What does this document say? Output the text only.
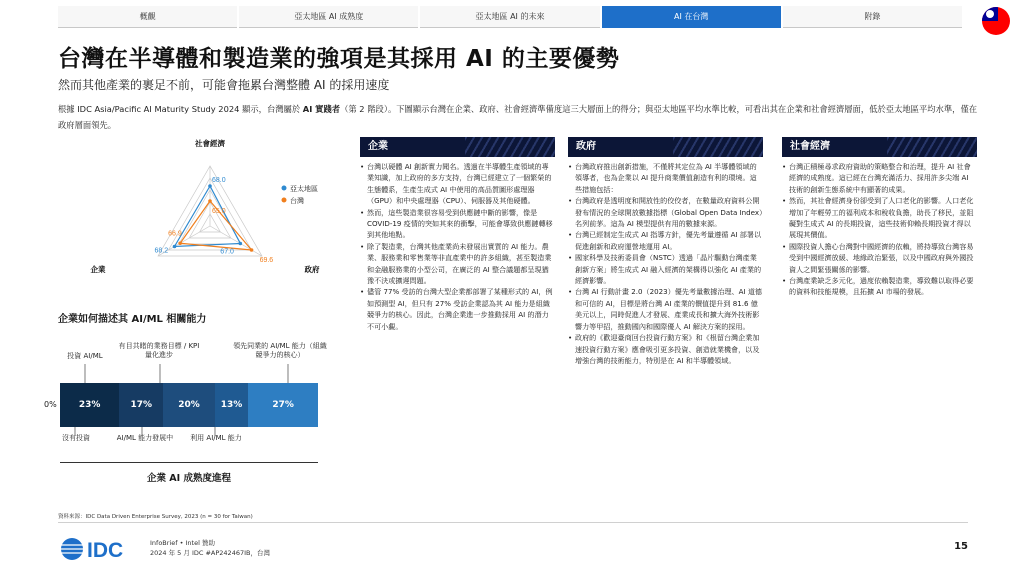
概觀	亞太地區 AI 成熟度	亞太地區 AI 的未來	AI 在台灣	附錄
台灣在半導體和製造業的強項是其採用 AI 的主要優勢
然而其他產業的裹足不前，可能會拖累台灣整體 AI 的採用速度
根據 IDC Asia/Pacific AI Maturity Study 2024 顯示，台灣屬於 AI 實踐者（第 2 階段）。下圖顯示台灣在企業、政府、社會經濟準備度這三大層面上的得分；與亞太地區平均水準比較，可看出其在企業和社會經濟層面，低於亞太地區平均水準，僅在政府層面領先。
68.0
68.2	67.0
65.0
66.9
69.6
社會經濟
企業	政府
亞太地區
台灣
企業如何描述其 AI/ML 相關能力
投資 AI/ML
有目共睹的業務目標 / KPI 量化進步
領先同業的 AI/ML 能力（組織競爭力的核心）
0%	23%	17%	20%	13%	27%
沒有投資	AI/ML 能力發展中	利用 AI/ML 能力
企業 AI 成熟度進程
企業
• 台灣以硬體 AI 創新實力聞名。透過在半導體生產領域的專業知識，加上政府的多方支持，台灣已經建立了一個繁榮的生態體系，生產生成式 AI 中使用的高品質圖形處理器（GPU）和中央處理器（CPU）、伺服器及其他硬體。
• 然而，這些製造業很容易受到供應鏈中斷的影響，像是 COVID-19 疫情的突如其來的衝擊，可能會導致供應鏈轉移到其他地點。
• 除了製造業，台灣其他產業尚未發展出實質的 AI 能力。農業、服務業和零售業等非直產業中的許多組織，甚至製造業和金融服務業的小型公司，在廣泛的 AI 整合議題都呈現猶豫不決或擴遲問題。
• 儘管 77% 受訪的台灣大型企業都部署了某種形式的 AI，例如預測型 AI，但只有 27% 受訪企業認為其 AI 能力是組織競爭力的核心。因此，台灣企業進一步推動採用 AI 的潛力不可小覷。
政府
• 台灣政府推出創新措施，不僅將其定位為 AI 半導體領域的領導者，也為企業以 AI 提升商業價值創造有利的環境。這些措施包括：
• 台灣政府是透明度和開放性的佼佼者，在數量政府資料公開發布情況的全球開放數據指標（Global Open Data Index）名列前茅。這為 AI 模型提供有用的數據來源。
• 台灣已經制定生成式 AI 指導方針，優先考量遵循 AI 部署以促進創新和政府運營地運用 AI。
• 國家科學及技術委員會（NSTC）透過「晶片驅動台灣產業創新方案」將生成式 AI 融入經濟的架構得以強化 AI 產業的經濟影響。
• 台灣 AI 行動計畫 2.0（2023）優先考量數據治理、AI 道德和可信的 AI，目標是將台灣 AI 產業的價值提升到 81.6 億美元以上，同時促進人才發展、產業成長和擴大海外技術影響力等甲招，推動國內和國際優人 AI 解決方案的採用。
• 政府的《歡迎臺商回台投資行動方案》和《根留台灣企業加速投資行動方案》應會吸引更多投資、創造就業機會，以及增強台灣的技術能力，特別是在 AI 和半導體領域。
社會經濟
• 台灣正積極尋求政府資助的策略整合和治理，提升 AI 社會經濟的成熟度。這已經在台灣充滿活力、採用許多尖端 AI 技術的創新生態系統中有顯著的成果。
• 然而，其社會經濟身份卻受到了人口老化的影響。人口老化增加了年輕勞工的福利成本和稅收負擔，助長了移民，並阻礙對生成式 AI 的長期投資，這些技術仰賴長期投資才得以展現其價值。
• 國際投資人擔心台灣對中國經濟的依賴，將持導致台灣容易受到中國經濟放緩、地緣政治緊張，以及中國政府與外國投資人之間緊張關係的影響。
• 台灣產業缺乏多元化，過度依賴製造業，導致難以取得必要的資料和技能規模，且拓擴 AI 市場的發展。
資料來源：IDC Data Driven Enterprise Survey, 2023 (n = 30 for Taiwan)
IDC	InfoBrief • Intel 贊助
2024 年 5 月 IDC #AP242467IB，台灣
15
